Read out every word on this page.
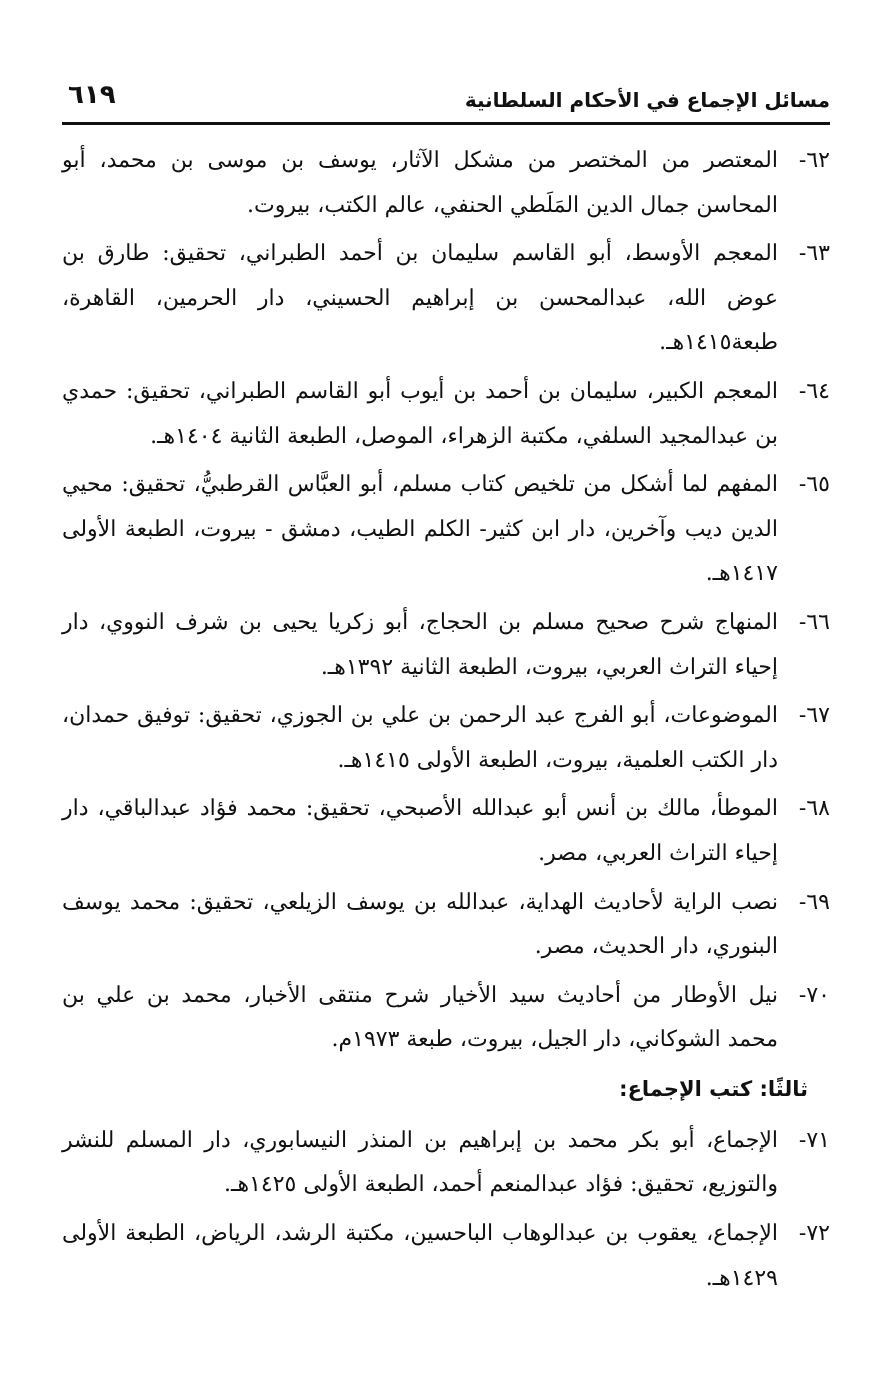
مسائل الإجماع في الأحكام السلطانية
٦١٩
٦٢-
المعتصر من المختصر من مشكل الآثار، يوسف بن موسى بن محمد، أبو المحاسن جمال الدين المَلَطي الحنفي، عالم الكتب، بيروت.
٦٣-
المعجم الأوسط، أبو القاسم سليمان بن أحمد الطبراني، تحقيق: طارق بن عوض الله، عبدالمحسن بن إبراهيم الحسيني، دار الحرمين، القاهرة، طبعة١٤١٥هـ.
٦٤-
المعجم الكبير، سليمان بن أحمد بن أيوب أبو القاسم الطبراني، تحقيق: حمدي بن عبدالمجيد السلفي، مكتبة الزهراء، الموصل، الطبعة الثانية ١٤٠٤هـ.
٦٥-
المفهم لما أشكل من تلخيص كتاب مسلم، أبو العبَّاس القرطبيُّ، تحقيق: محيي الدين ديب وآخرين، دار ابن كثير- الكلم الطيب، دمشق - بيروت، الطبعة الأولى ١٤١٧هـ.
٦٦-
المنهاج شرح صحيح مسلم بن الحجاج، أبو زكريا يحيى بن شرف النووي، دار إحياء التراث العربي، بيروت، الطبعة الثانية ١٣٩٢هـ.
٦٧-
الموضوعات، أبو الفرج عبد الرحمن بن علي بن الجوزي، تحقيق: توفيق حمدان، دار الكتب العلمية، بيروت، الطبعة الأولى ١٤١٥هـ.
٦٨-
الموطأ، مالك بن أنس أبو عبدالله الأصبحي، تحقيق: محمد فؤاد عبدالباقي، دار إحياء التراث العربي، مصر.
٦٩-
نصب الراية لأحاديث الهداية، عبدالله بن يوسف الزيلعي، تحقيق: محمد يوسف البنوري، دار الحديث، مصر.
٧٠-
نيل الأوطار من أحاديث سيد الأخيار شرح منتقى الأخبار، محمد بن علي بن محمد الشوكاني، دار الجيل، بيروت، طبعة ١٩٧٣م.
ثالثًا: كتب الإجماع:
٧١-
الإجماع، أبو بكر محمد بن إبراهيم بن المنذر النيسابوري، دار المسلم للنشر والتوزيع، تحقيق: فؤاد عبدالمنعم أحمد، الطبعة الأولى ١٤٢٥هـ.
٧٢-
الإجماع، يعقوب بن عبدالوهاب الباحسين، مكتبة الرشد، الرياض، الطبعة الأولى ١٤٢٩هـ.
